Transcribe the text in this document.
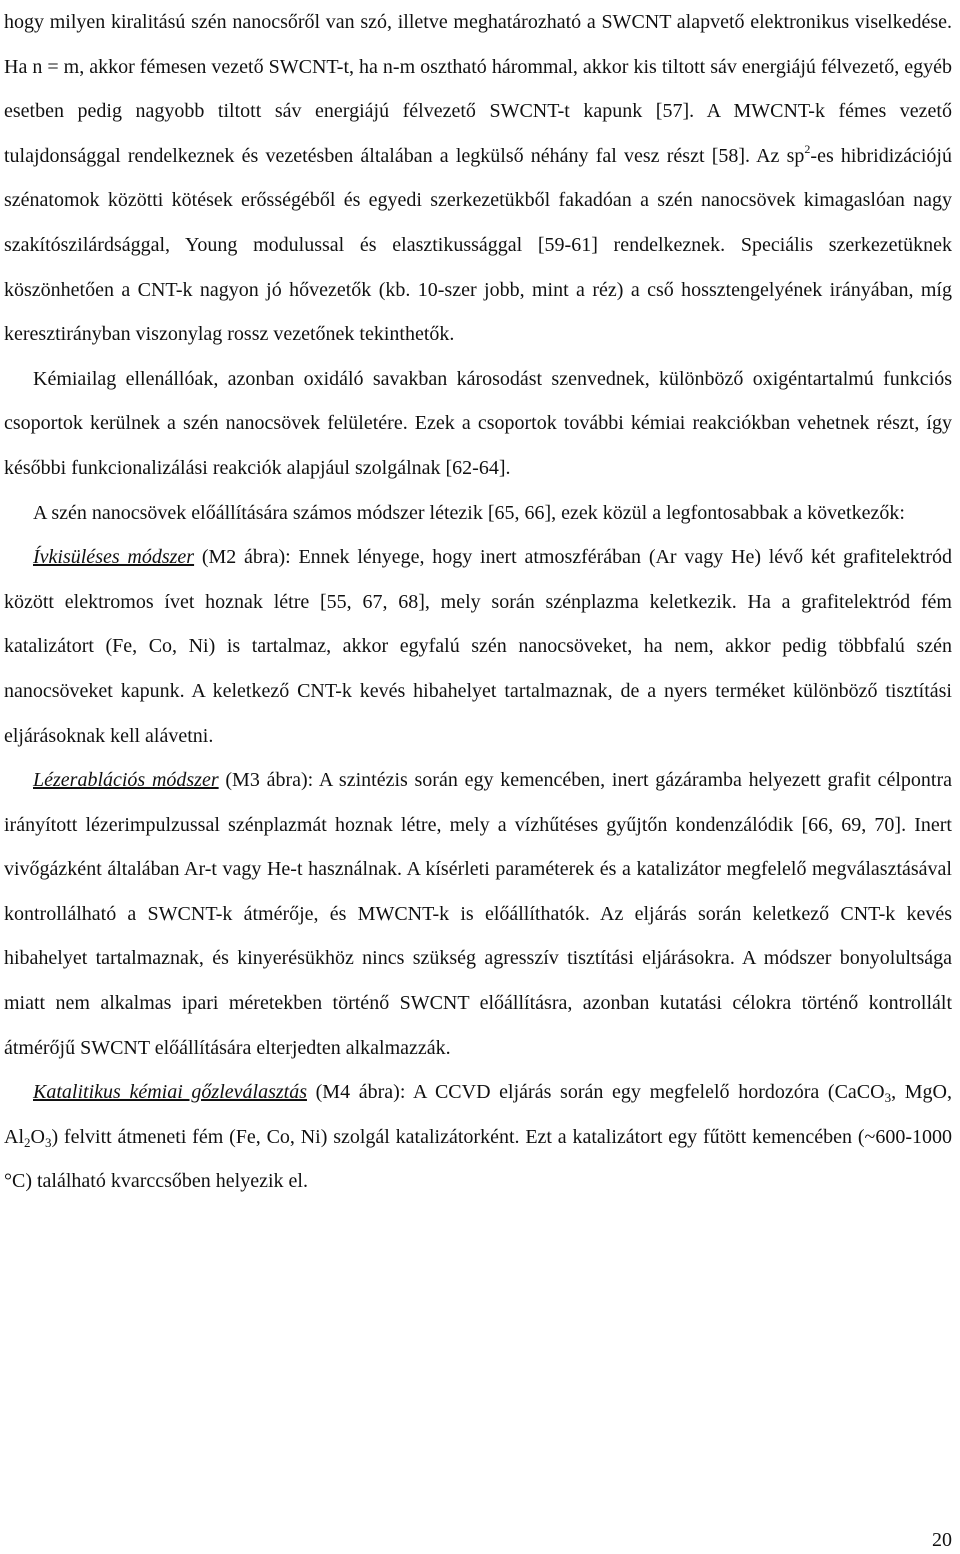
hogy milyen kiralitású szén nanocsőről van szó, illetve meghatározható a SWCNT alapvető elektronikus viselkedése. Ha n = m, akkor fémesen vezető SWCNT-t, ha n-m osztható hárommal, akkor kis tiltott sáv energiájú félvezető, egyéb esetben pedig nagyobb tiltott sáv energiájú félvezető SWCNT-t kapunk [57]. A MWCNT-k fémes vezető tulajdonsággal rendelkeznek és vezetésben általában a legkülső néhány fal vesz részt [58]. Az $sp^2-es$ hibridizációjú szénatomok közötti kötések erősségéből és egyedi szerkezetükből fakadóan a szén nanocsövek kimagaslóan nagy szakítószilárdsággal, Young modulussal és elasztikussággal [59-61] rendelkeznek. Speciális szerkezetüknek köszönhetően a CNT-k nagyon jó hővezetők (kb. 10-szer jobb, mint a réz) a cső hossztengelyének irányában, míg keresztirányban viszonylag rossz vezetőnek tekinthetők.

Kémiailag ellenállóak, azonban oxidáló savakban károsodást szenvednek, különböző oxigéntartalmú funkciós csoportok kerülnek a szén nanocsövek felületére. Ezek a csoportok további kémiai reakciókban vehetnek részt, így későbbi funkcionalizálási reakciók alapjául szolgálnak [62-64].

A szén nanocsövek előállítására számos módszer létezik [65, 66], ezek közül a legfontosabbak a következők:

Ívkisüléses módszer (M2 ábra): Ennek lényege, hogy inert atmoszférában (Ar vagy He) lévő két grafitelektród között elektromos ívet hoznak létre [55, 67, 68], mely során szénplazma keletkezik. Ha a grafitelektród fém katalizátort (Fe, Co, Ni) is tartalmaz, akkor egyfalú szén nanocsöveket, ha nem, akkor pedig többfalú szén nanocsöveket kapunk. A keletkező CNT-k kevés hibahelyet tartalmaznak, de a nyers terméket különböző tisztítási eljárásoknak kell alávetni.

Lézerablációs módszer (M3 ábra): A szintézis során egy kemencében, inert gázáramba helyezett grafit célpontra irányított lézerimpulzussal szénplazmát hoznak létre, mely a vízhűtéses gyűjtőn kondenzálódik [66, 69, 70]. Inert vivőgázként általában Ar-t vagy He-t használnak. A kísérleti paraméterek és a katalizátor megfelelő megválasztásával kontrollálható a SWCNT-k átmérője, és MWCNT-k is előállíthatók. Az eljárás során keletkező CNT-k kevés hibahelyet tartalmaznak, és kinyerésükhöz nincs szükség agresszív tisztítási eljárásokra. A módszer bonyolultsága miatt nem alkalmas ipari méretekben történő SWCNT előállításra, azonban kutatási célokra történő kontrollált átmérőjű SWCNT előállítására elterjedten alkalmazzák.

Katalitikus kémiai gőzleválasztás (M4 ábra): A CCVD eljárás során egy megfelelő hordozóra (CaCO$_3$, MgO, $Al_2O_3$) felvitt átmeneti fém (Fe, Co, Ni) szolgál katalizátorként. Ezt a katalizátort egy fűtött kemencében (~600-1000 °C) található kvarccsőben helyezik el.

20
